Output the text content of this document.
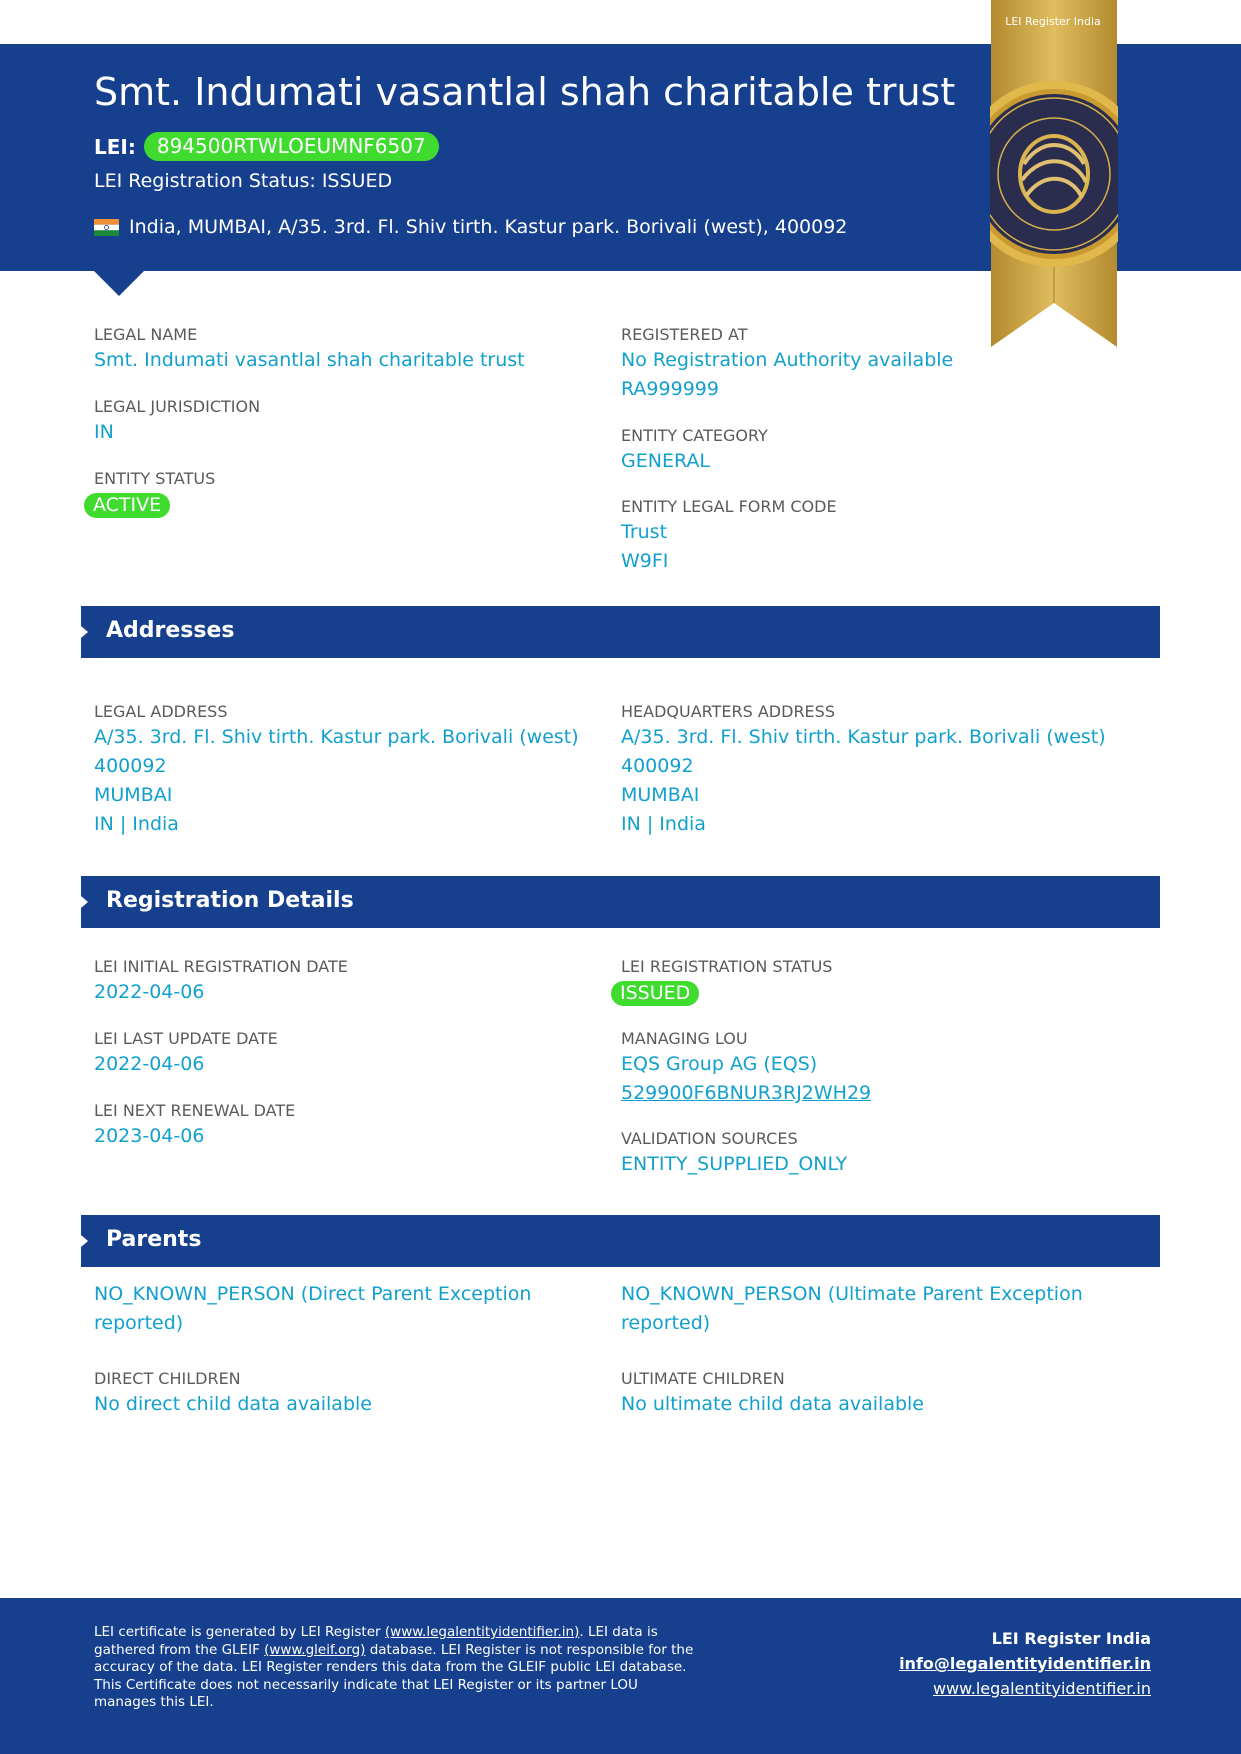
Smt. Indumati vasantlal shah charitable trust
LEI:	894500RTWLOEUMNF6507
LEI Registration Status: ISSUED
India, MUMBAI, A/35. 3rd. Fl. Shiv tirth. Kastur park. Borivali (west), 400092
LEI Register India
LEGAL NAME
Smt. Indumati vasantlal shah charitable trust
LEGAL JURISDICTION
IN
ENTITY STATUS
ACTIVE
REGISTERED AT
No Registration Authority available
RA999999
ENTITY CATEGORY
GENERAL
ENTITY LEGAL FORM CODE
Trust
W9FI
Addresses
LEGAL ADDRESS
A/35. 3rd. Fl. Shiv tirth. Kastur park. Borivali (west)
400092
MUMBAI
IN | India
HEADQUARTERS ADDRESS
A/35. 3rd. Fl. Shiv tirth. Kastur park. Borivali (west)
400092
MUMBAI
IN | India
Registration Details
LEI INITIAL REGISTRATION DATE
2022-04-06
LEI LAST UPDATE DATE
2022-04-06
LEI NEXT RENEWAL DATE
2023-04-06
LEI REGISTRATION STATUS
ISSUED
MANAGING LOU
EQS Group AG (EQS)
529900F6BNUR3RJ2WH29
VALIDATION SOURCES
ENTITY_SUPPLIED_ONLY
Parents
NO_KNOWN_PERSON (Direct Parent Exception reported)
NO_KNOWN_PERSON (Ultimate Parent Exception reported)
DIRECT CHILDREN
No direct child data available
ULTIMATE CHILDREN
No ultimate child data available
LEI certificate is generated by LEI Register (www.legalentityidentifier.in). LEI data is gathered from the GLEIF (www.gleif.org) database. LEI Register is not responsible for the accuracy of the data. LEI Register renders this data from the GLEIF public LEI database. This Certificate does not necessarily indicate that LEI Register or its partner LOU manages this LEI.
LEI Register India
info@legalentityidentifier.in
www.legalentityidentifier.in
